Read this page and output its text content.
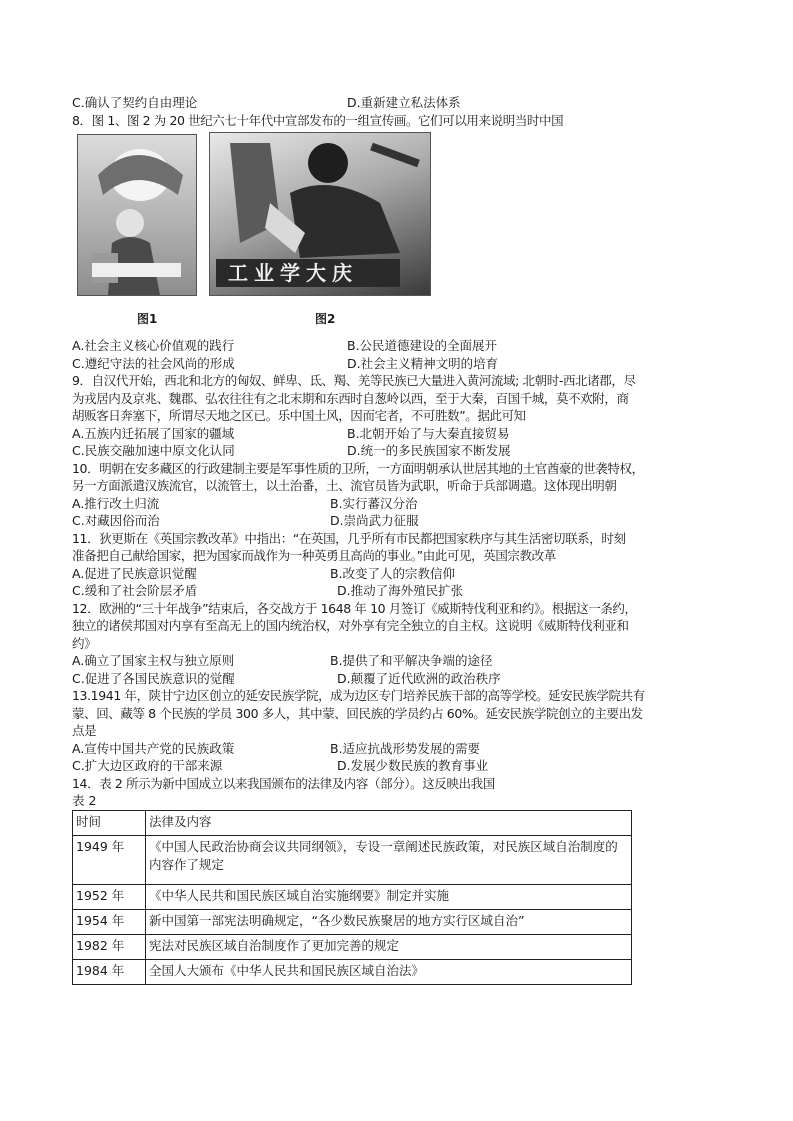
C.确认了契约自由理论	D.重新建立私法体系
8．图 1、图 2 为 20 世纪六七十年代中宣部发布的一组宣传画。它们可以用来说明当时中国
工业学大庆
图1	图2
A.社会主义核心价值观的践行	B.公民道德建设的全面展开
C.遵纪守法的社会风尚的形成	D.社会主义精神文明的培育
9．自汉代开始，西北和北方的匈奴、鲜卑、氐、羯、羌等民族已大量进入黄河流域; 北朝时-西北诸郡，尽
为戎居内及京兆、魏郡、弘农往往有之北末期和东西时自葱岭以西，至于大秦，百国千城，莫不欢附，商
胡贩客日奔塞下，所谓尽天地之区已。乐中国土风，因而宅者，不可胜数”。据此可知
A.五族内迁拓展了国家的疆域	B.北朝开始了与大秦直接贸易
C.民族交融加速中原文化认同	D.统一的多民族国家不断发展
10．明朝在安多藏区的行政建制主要是军事性质的卫所，一方面明朝承认世居其地的土官酋豪的世袭特权，
另一方面派遣汉族流官，以流管土，以土治番，土、流官员皆为武职，听命于兵部调遣。这体现出明朝
A.推行改土归流	B.实行蕃汉分治
C.对藏因俗而治	D.崇尚武力征服
11．狄更斯在《英国宗教改革》中指出：“在英国，几乎所有市民都把国家秩序与其生活密切联系，时刻
准备把自己献给国家，把为国家而战作为一种英勇且高尚的事业。”由此可见，英国宗教改革
A.促进了民族意识觉醒	B.改变了人的宗教信仰
C.缓和了社会阶层矛盾	D.推动了海外殖民扩张
12．欧洲的“三十年战争”结束后，各交战方于 1648 年 10 月签订《威斯特伐利亚和约》。根据这一条约，
独立的诸侯邦国对内享有至高无上的国内统治权，对外享有完全独立的自主权。这说明《威斯特伐利亚和
约》
A.确立了国家主权与独立原则	B.提供了和平解决争端的途径
C.促进了各国民族意识的觉醒	D.颠覆了近代欧洲的政治秩序
13.1941 年，陕甘宁边区创立的延安民族学院，成为边区专门培养民族干部的高等学校。延安民族学院共有
蒙、回、藏等 8 个民族的学员 300 多人，其中蒙、回民族的学员约占 60%。延安民族学院创立的主要出发
点是
A.宣传中国共产党的民族政策	B.适应抗战形势发展的需要
C.扩大边区政府的干部来源	D.发展少数民族的教育事业
14．表 2 所示为新中国成立以来我国颁布的法律及内容（部分）。这反映出我国
表 2
时间	法律及内容
1949 年	《中国人民政治协商会议共同纲领》，专设一章阐述民族政策，对民族区域自治制度的内容作了规定
1952 年	《中华人民共和国民族区域自治实施纲要》制定并实施
1954 年	新中国第一部宪法明确规定，“各少数民族聚居的地方实行区域自治”
1982 年	宪法对民族区域自治制度作了更加完善的规定
1984 年	全国人大颁布《中华人民共和国民族区域自治法》
